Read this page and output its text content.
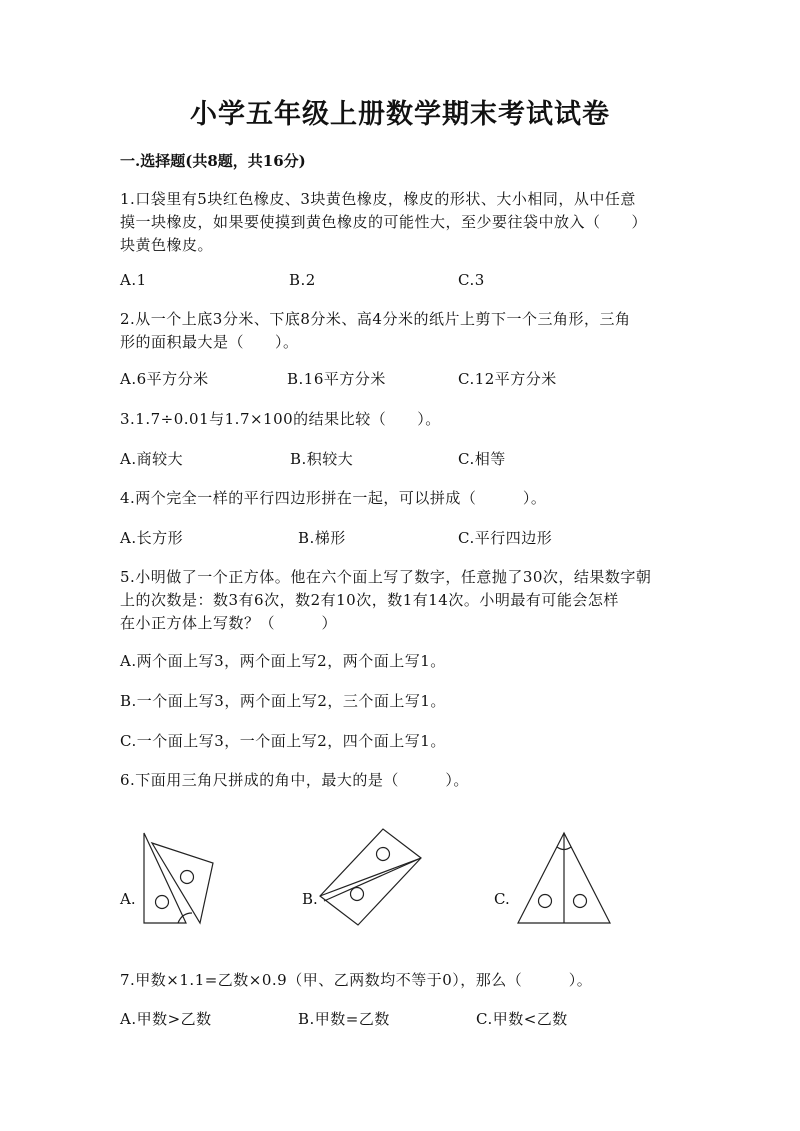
小学五年级上册数学期末考试试卷
一.选择题(共8题，共16分)
1.口袋里有5块红色橡皮、3块黄色橡皮，橡皮的形状、大小相同，从中任意
摸一块橡皮，如果要使摸到黄色橡皮的可能性大，至少要往袋中放入（　　）
块黄色橡皮。
A.1	B.2	C.3
2.从一个上底3分米、下底8分米、高4分米的纸片上剪下一个三角形，三角
形的面积最大是（　　）。
A.6平方分米	B.16平方分米	C.12平方分米
3.1.7÷0.01与1.7×100的结果比较（　　）。
A.商较大	B.积较大	C.相等
4.两个完全一样的平行四边形拼在一起，可以拼成（　　　）。
A.长方形	B.梯形	C.平行四边形
5.小明做了一个正方体。他在六个面上写了数字，任意抛了30次，结果数字朝
上的次数是：数3有6次，数2有10次，数1有14次。小明最有可能会怎样
在小正方体上写数？（　　　）
A.两个面上写3，两个面上写2，两个面上写1。
B.一个面上写3，两个面上写2，三个面上写1。
C.一个面上写3，一个面上写2，四个面上写1。
6.下面用三角尺拼成的角中，最大的是（　　　）。
A.	B.	C.
7.甲数×1.1=乙数×0.9（甲、乙两数均不等于0），那么（　　　）。
A.甲数>乙数	B.甲数=乙数	C.甲数<乙数
